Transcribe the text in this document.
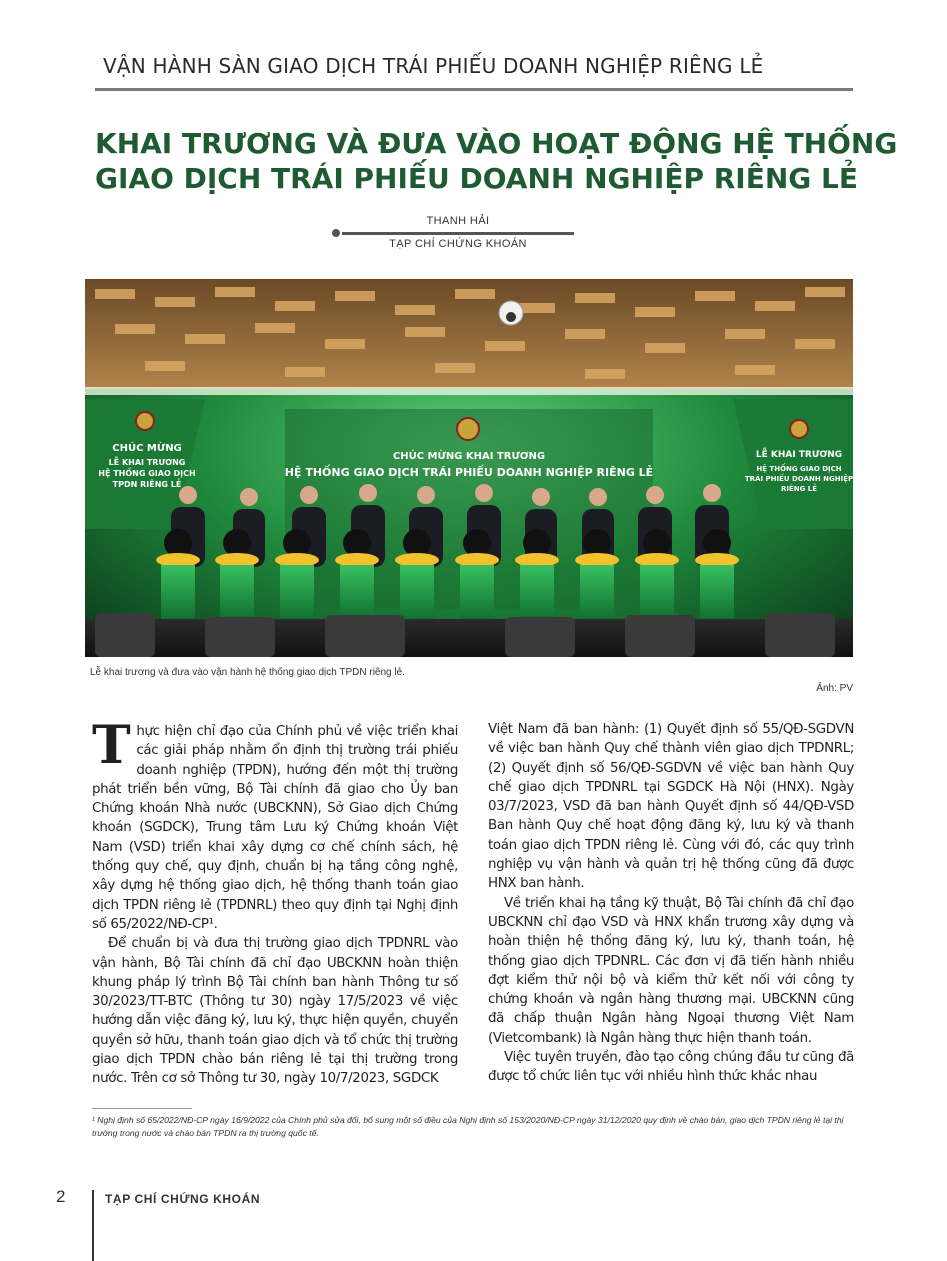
VẬN HÀNH SÀN GIAO DỊCH TRÁI PHIẾU DOANH NGHIỆP RIÊNG LẺ
KHAI TRƯƠNG VÀ ĐƯA VÀO HOẠT ĐỘNG HỆ THỐNG
GIAO DỊCH TRÁI PHIẾU DOANH NGHIỆP RIÊNG LẺ
THANH HẢI
TẠP CHÍ CHỨNG KHOÁN
CHÚC MỪNG KHAI TRƯƠNG
HỆ THỐNG GIAO DỊCH TRÁI PHIẾU DOANH NGHIỆP RIÊNG LẺ
CHÚC MỪNG
LỄ KHAI TRƯƠNG
HỆ THỐNG GIAO DỊCH
TPDN RIÊNG LẺ
LỄ KHAI TRƯƠNG
HỆ THỐNG GIAO DỊCH
TRÁI PHIẾU DOANH NGHIỆP
RIÊNG LẺ
Lễ khai trương và đưa vào vận hành hệ thống giao dịch TPDN riêng lẻ.
Ảnh: PV

Thực hiện chỉ đạo của Chính phủ về việc triển khai các giải pháp nhằm ổn định thị trường trái phiếu doanh nghiệp (TPDN), hướng đến một thị trường phát triển bền vững, Bộ Tài chính đã giao cho Ủy ban Chứng khoán Nhà nước (UBCKNN), Sở Giao dịch Chứng khoán (SGDCK), Trung tâm Lưu ký Chứng khoán Việt Nam (VSD) triển khai xây dựng cơ chế chính sách, hệ thống quy chế, quy định, chuẩn bị hạ tầng công nghệ, xây dựng hệ thống giao dịch, hệ thống thanh toán giao dịch TPDN riêng lẻ (TPDNRL) theo quy định tại Nghị định số 65/2022/NĐ-CP¹.

Để chuẩn bị và đưa thị trường giao dịch TPDNRL vào vận hành, Bộ Tài chính đã chỉ đạo UBCKNN hoàn thiện khung pháp lý trình Bộ Tài chính ban hành Thông tư số 30/2023/TT-BTC (Thông tư 30) ngày 17/5/2023 về việc hướng dẫn việc đăng ký, lưu ký, thực hiện quyền, chuyển quyền sở hữu, thanh toán giao dịch và tổ chức thị trường giao dịch TPDN chào bán riêng lẻ tại thị trường trong nước. Trên cơ sở Thông tư 30, ngày 10/7/2023, SGDCK

Việt Nam đã ban hành: (1) Quyết định số 55/QĐ-SGDVN về việc ban hành Quy chế thành viên giao dịch TPDNRL; (2) Quyết định số 56/QĐ-SGDVN về việc ban hành Quy chế giao dịch TPDNRL tại SGDCK Hà Nội (HNX). Ngày 03/7/2023, VSD đã ban hành Quyết định số 44/QĐ-VSD Ban hành Quy chế hoạt động đăng ký, lưu ký và thanh toán giao dịch TPDN riêng lẻ. Cùng với đó, các quy trình nghiệp vụ vận hành và quản trị hệ thống cũng đã được HNX ban hành.

Về triển khai hạ tầng kỹ thuật, Bộ Tài chính đã chỉ đạo UBCKNN chỉ đạo VSD và HNX khẩn trương xây dựng và hoàn thiện hệ thống đăng ký, lưu ký, thanh toán, hệ thống giao dịch TPDNRL. Các đơn vị đã tiến hành nhiều đợt kiểm thử nội bộ và kiểm thử kết nối với công ty chứng khoán và ngân hàng thương mại. UBCKNN cũng đã chấp thuận Ngân hàng Ngoại thương Việt Nam (Vietcombank) là Ngân hàng thực hiện thanh toán.

Việc tuyên truyền, đào tạo công chúng đầu tư cũng đã được tổ chức liên tục với nhiều hình thức khác nhau

¹ Nghị định số 65/2022/NĐ-CP ngày 16/9/2022 của Chính phủ sửa đổi, bổ sung một số điều của Nghị định số 153/2020/NĐ-CP ngày 31/12/2020 quy định về chào bán, giao dịch TPDN riêng lẻ tại thị trường trong nước và chào bán TPDN ra thị trường quốc tế.
2	TẠP CHÍ CHỨNG KHOÁN
